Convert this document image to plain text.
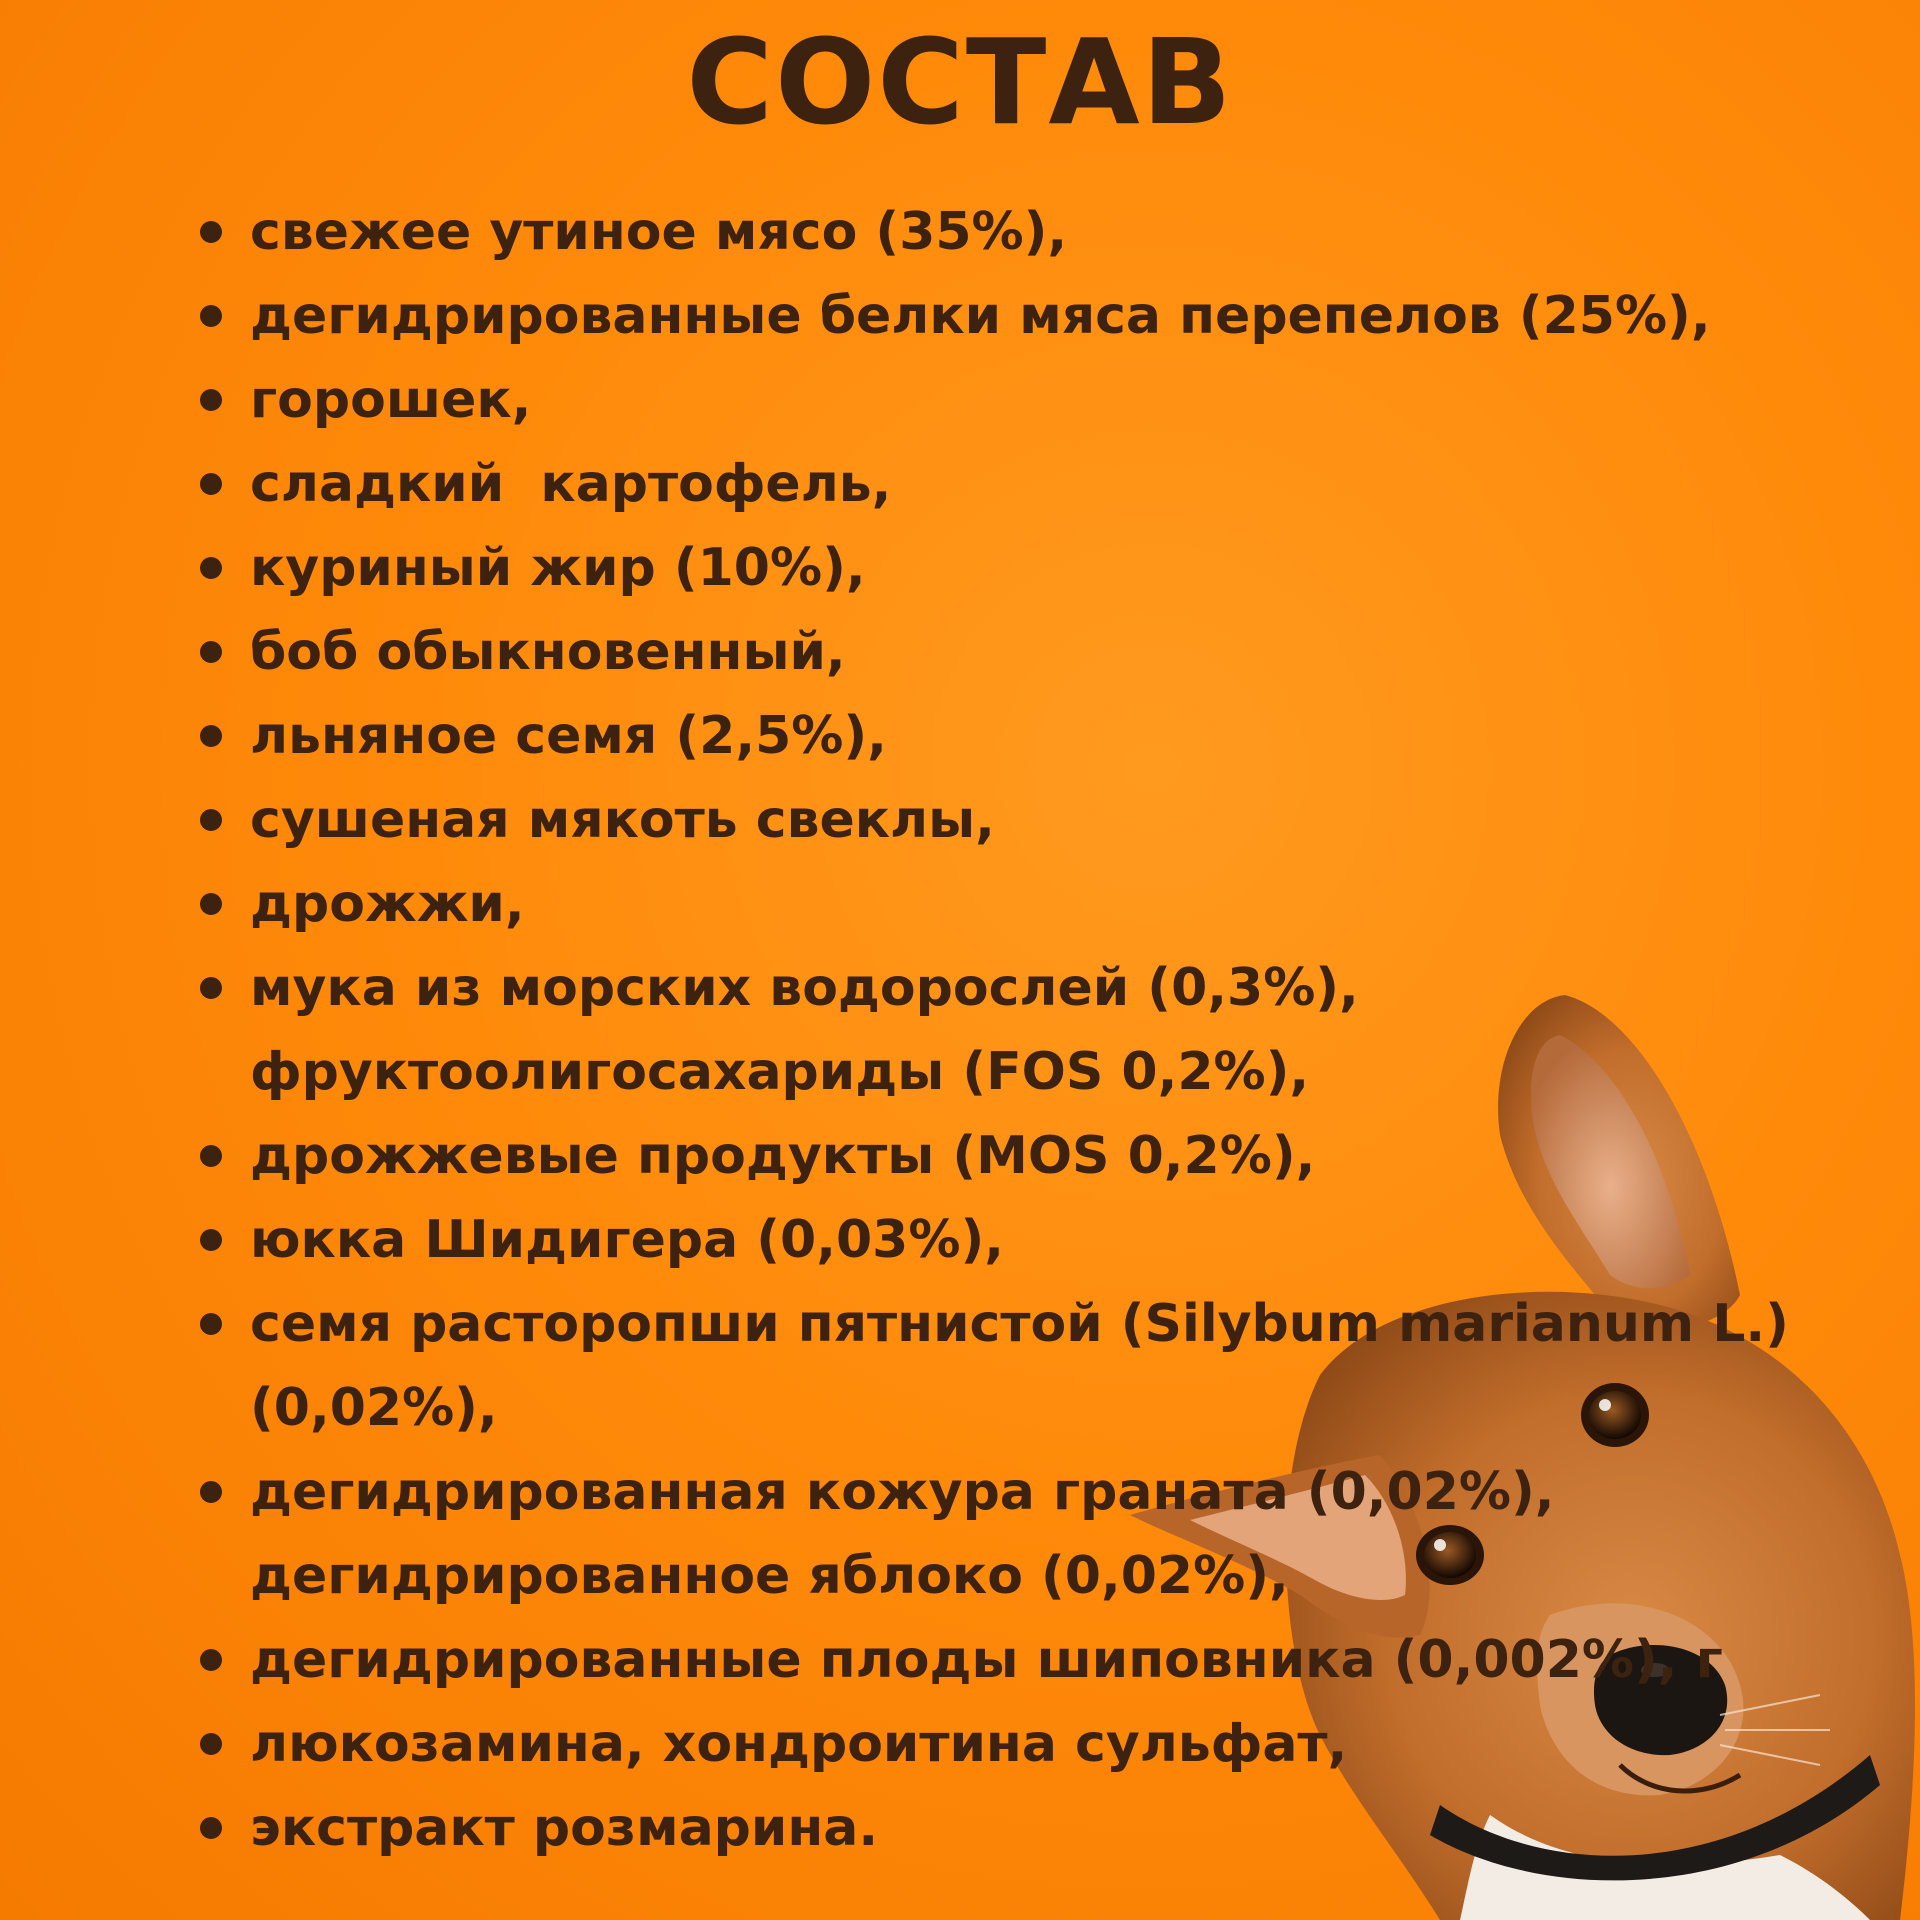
СОСТАВ
свежее утиное мясо (35%),
дегидрированные белки мяса перепелов (25%),
горошек,
сладкий  картофель,
куриный жир (10%),
боб обыкновенный,
льняное семя (2,5%),
сушеная мякоть свеклы,
дрожжи,
мука из морских водорослей (0,3%),
фруктоолигосахариды (FOS 0,2%),
дрожжевые продукты (MOS 0,2%),
юкка Шидигера (0,03%),
семя расторопши пятнистой (Silybum marianum L.)
(0,02%),
дегидрированная кожура граната (0,02%),
дегидрированное яблоко (0,02%),
дегидрированные плоды шиповника (0,002%), г
люкозамина, хондроитина сульфат,
экстракт розмарина.
